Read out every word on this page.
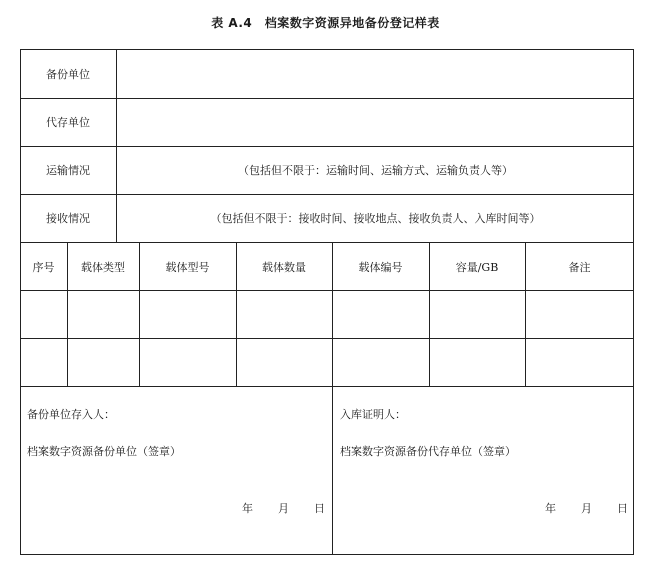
表 A.4　档案数字资源异地备份登记样表
备份单位
代存单位
运输情况	（包括但不限于：运输时间、运输方式、运输负责人等）
接收情况	（包括但不限于：接收时间、接收地点、接收负责人、入库时间等）
序号	载体类型	载体型号	载体数量	载体编号	容量/GB	备注
备份单位存入人：
档案数字资源备份单位（签章）
年 月 日
入库证明人：
档案数字资源备份代存单位（签章）
年 月 日
